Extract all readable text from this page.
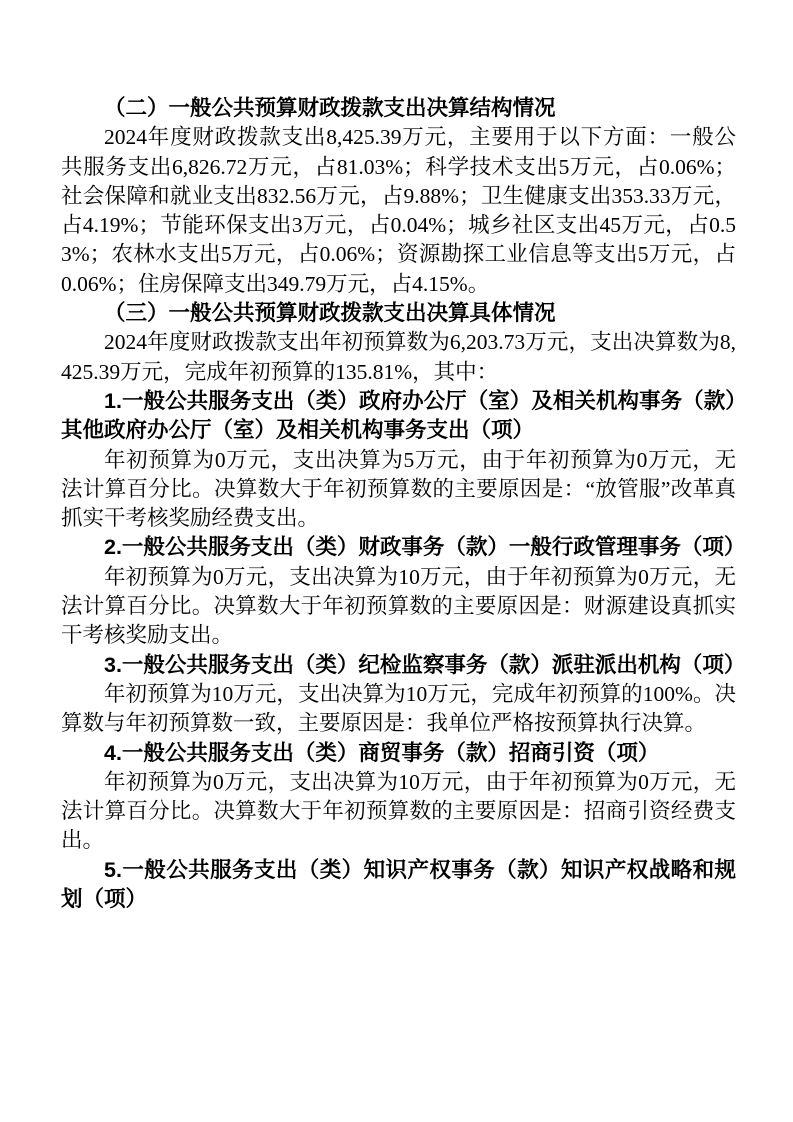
（二）一般公共预算财政拨款支出决算结构情况

2024年度财政拨款支出8,425.39万元，主要用于以下方面：一般公共服务支出6,826.72万元，占81.03%；科学技术支出5万元，占0.06%；社会保障和就业支出832.56万元，占9.88%；卫生健康支出353.33万元，占4.19%；节能环保支出3万元，占0.04%；城乡社区支出45万元，占0.53%；农林水支出5万元，占0.06%；资源勘探工业信息等支出5万元，占0.06%；住房保障支出349.79万元，占4.15%。

（三）一般公共预算财政拨款支出决算具体情况

2024年度财政拨款支出年初预算数为6,203.73万元，支出决算数为8,425.39万元，完成年初预算的135.81%，其中：

1.一般公共服务支出（类）政府办公厅（室）及相关机构事务（款）其他政府办公厅（室）及相关机构事务支出（项）

年初预算为0万元，支出决算为5万元，由于年初预算为0万元，无法计算百分比。决算数大于年初预算数的主要原因是：“放管服”改革真抓实干考核奖励经费支出。

2.一般公共服务支出（类）财政事务（款）一般行政管理事务（项）

年初预算为0万元，支出决算为10万元，由于年初预算为0万元，无法计算百分比。决算数大于年初预算数的主要原因是：财源建设真抓实干考核奖励支出。

3.一般公共服务支出（类）纪检监察事务（款）派驻派出机构（项）

年初预算为10万元，支出决算为10万元，完成年初预算的100%。决算数与年初预算数一致，主要原因是：我单位严格按预算执行决算。

4.一般公共服务支出（类）商贸事务（款）招商引资（项）

年初预算为0万元，支出决算为10万元，由于年初预算为0万元，无法计算百分比。决算数大于年初预算数的主要原因是：招商引资经费支出。

5.一般公共服务支出（类）知识产权事务（款）知识产权战略和规划（项）
